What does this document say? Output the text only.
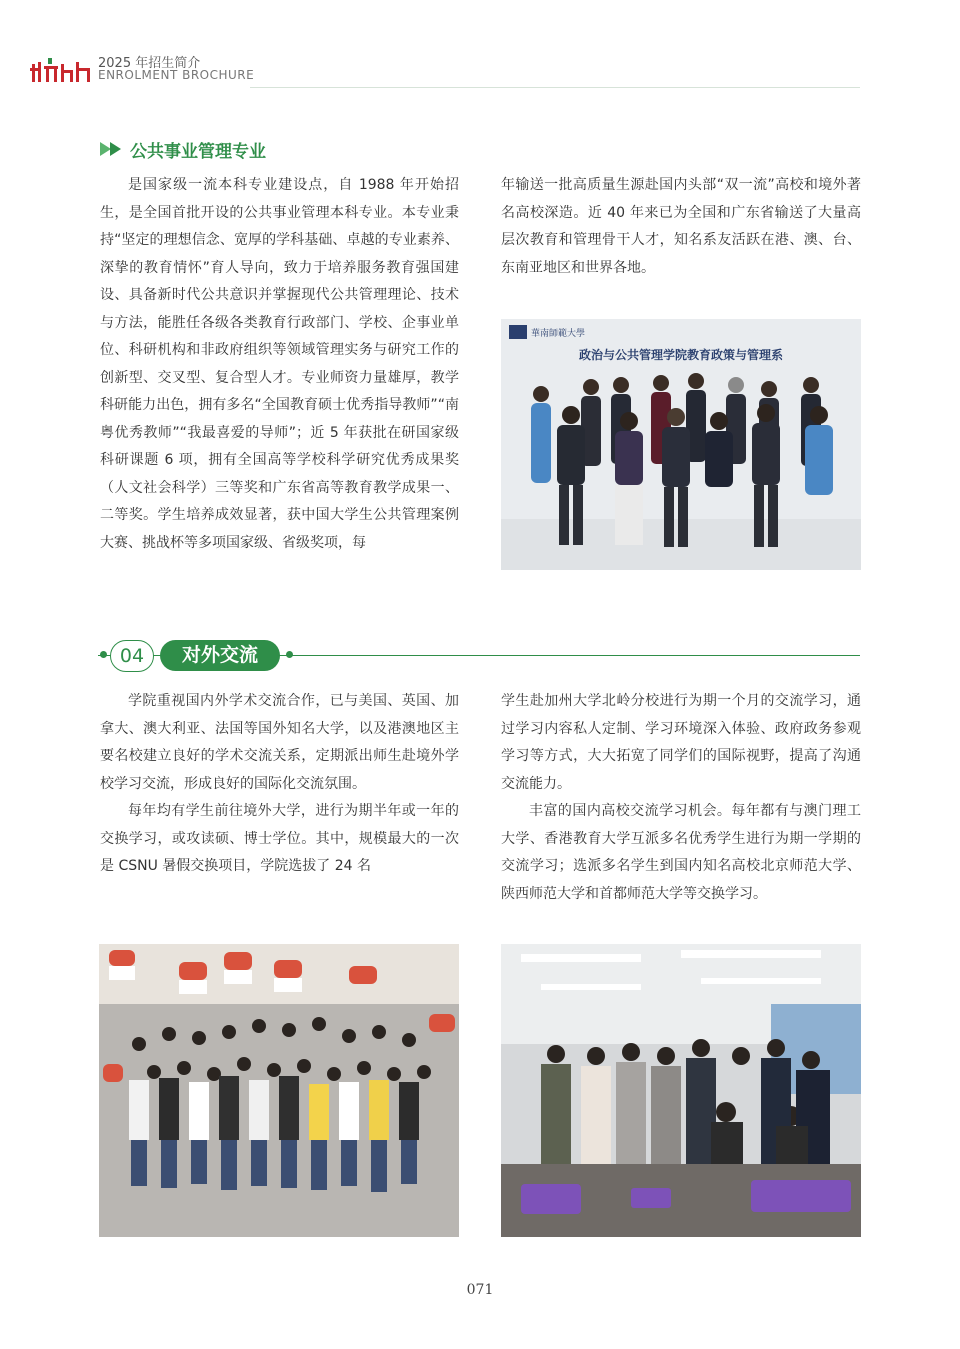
2025 年招生简介
ENROLMENT BROCHURE
公共事业管理专业

是国家级一流本科专业建设点，自 1988 年开始招生，是全国首批开设的公共事业管理本科专业。本专业秉持“坚定的理想信念、宽厚的学科基础、卓越的专业素养、深挚的教育情怀”育人导向，致力于培养服务教育强国建设、具备新时代公共意识并掌握现代公共管理理论、技术与方法，能胜任各级各类教育行政部门、学校、企事业单位、科研机构和非政府组织等领域管理实务与研究工作的创新型、交叉型、复合型人才。专业师资力量雄厚，教学科研能力出色，拥有多名“全国教育硕士优秀指导教师”“南粤优秀教师”“我最喜爱的导师”；近 5 年获批在研国家级科研课题 6 项，拥有全国高等学校科学研究优秀成果奖（人文社会科学）三等奖和广东省高等教育教学成果一、二等奖。学生培养成效显著，获中国大学生公共管理案例大赛、挑战杯等多项国家级、省级奖项，每

年输送一批高质量生源赴国内头部“双一流”高校和境外著名高校深造。近 40 年来已为全国和广东省输送了大量高层次教育和管理骨干人才，知名系友活跃在港、澳、台、东南亚地区和世界各地。

華南師範大學
政治与公共管理学院教育政策与管理系
04	对外交流

学院重视国内外学术交流合作，已与美国、英国、加拿大、澳大利亚、法国等国外知名大学，以及港澳地区主要名校建立良好的学术交流关系，定期派出师生赴境外学校学习交流，形成良好的国际化交流氛围。

每年均有学生前往境外大学，进行为期半年或一年的交换学习，或攻读硕、博士学位。其中，规模最大的一次是 CSNU 暑假交换项目，学院选拔了 24 名

学生赴加州大学北岭分校进行为期一个月的交流学习，通过学习内容私人定制、学习环境深入体验、政府政务参观学习等方式，大大拓宽了同学们的国际视野，提高了沟通交流能力。

丰富的国内高校交流学习机会。每年都有与澳门理工大学、香港教育大学互派多名优秀学生进行为期一学期的交流学习；选派多名学生到国内知名高校北京师范大学、陕西师范大学和首都师范大学等交换学习。

071
